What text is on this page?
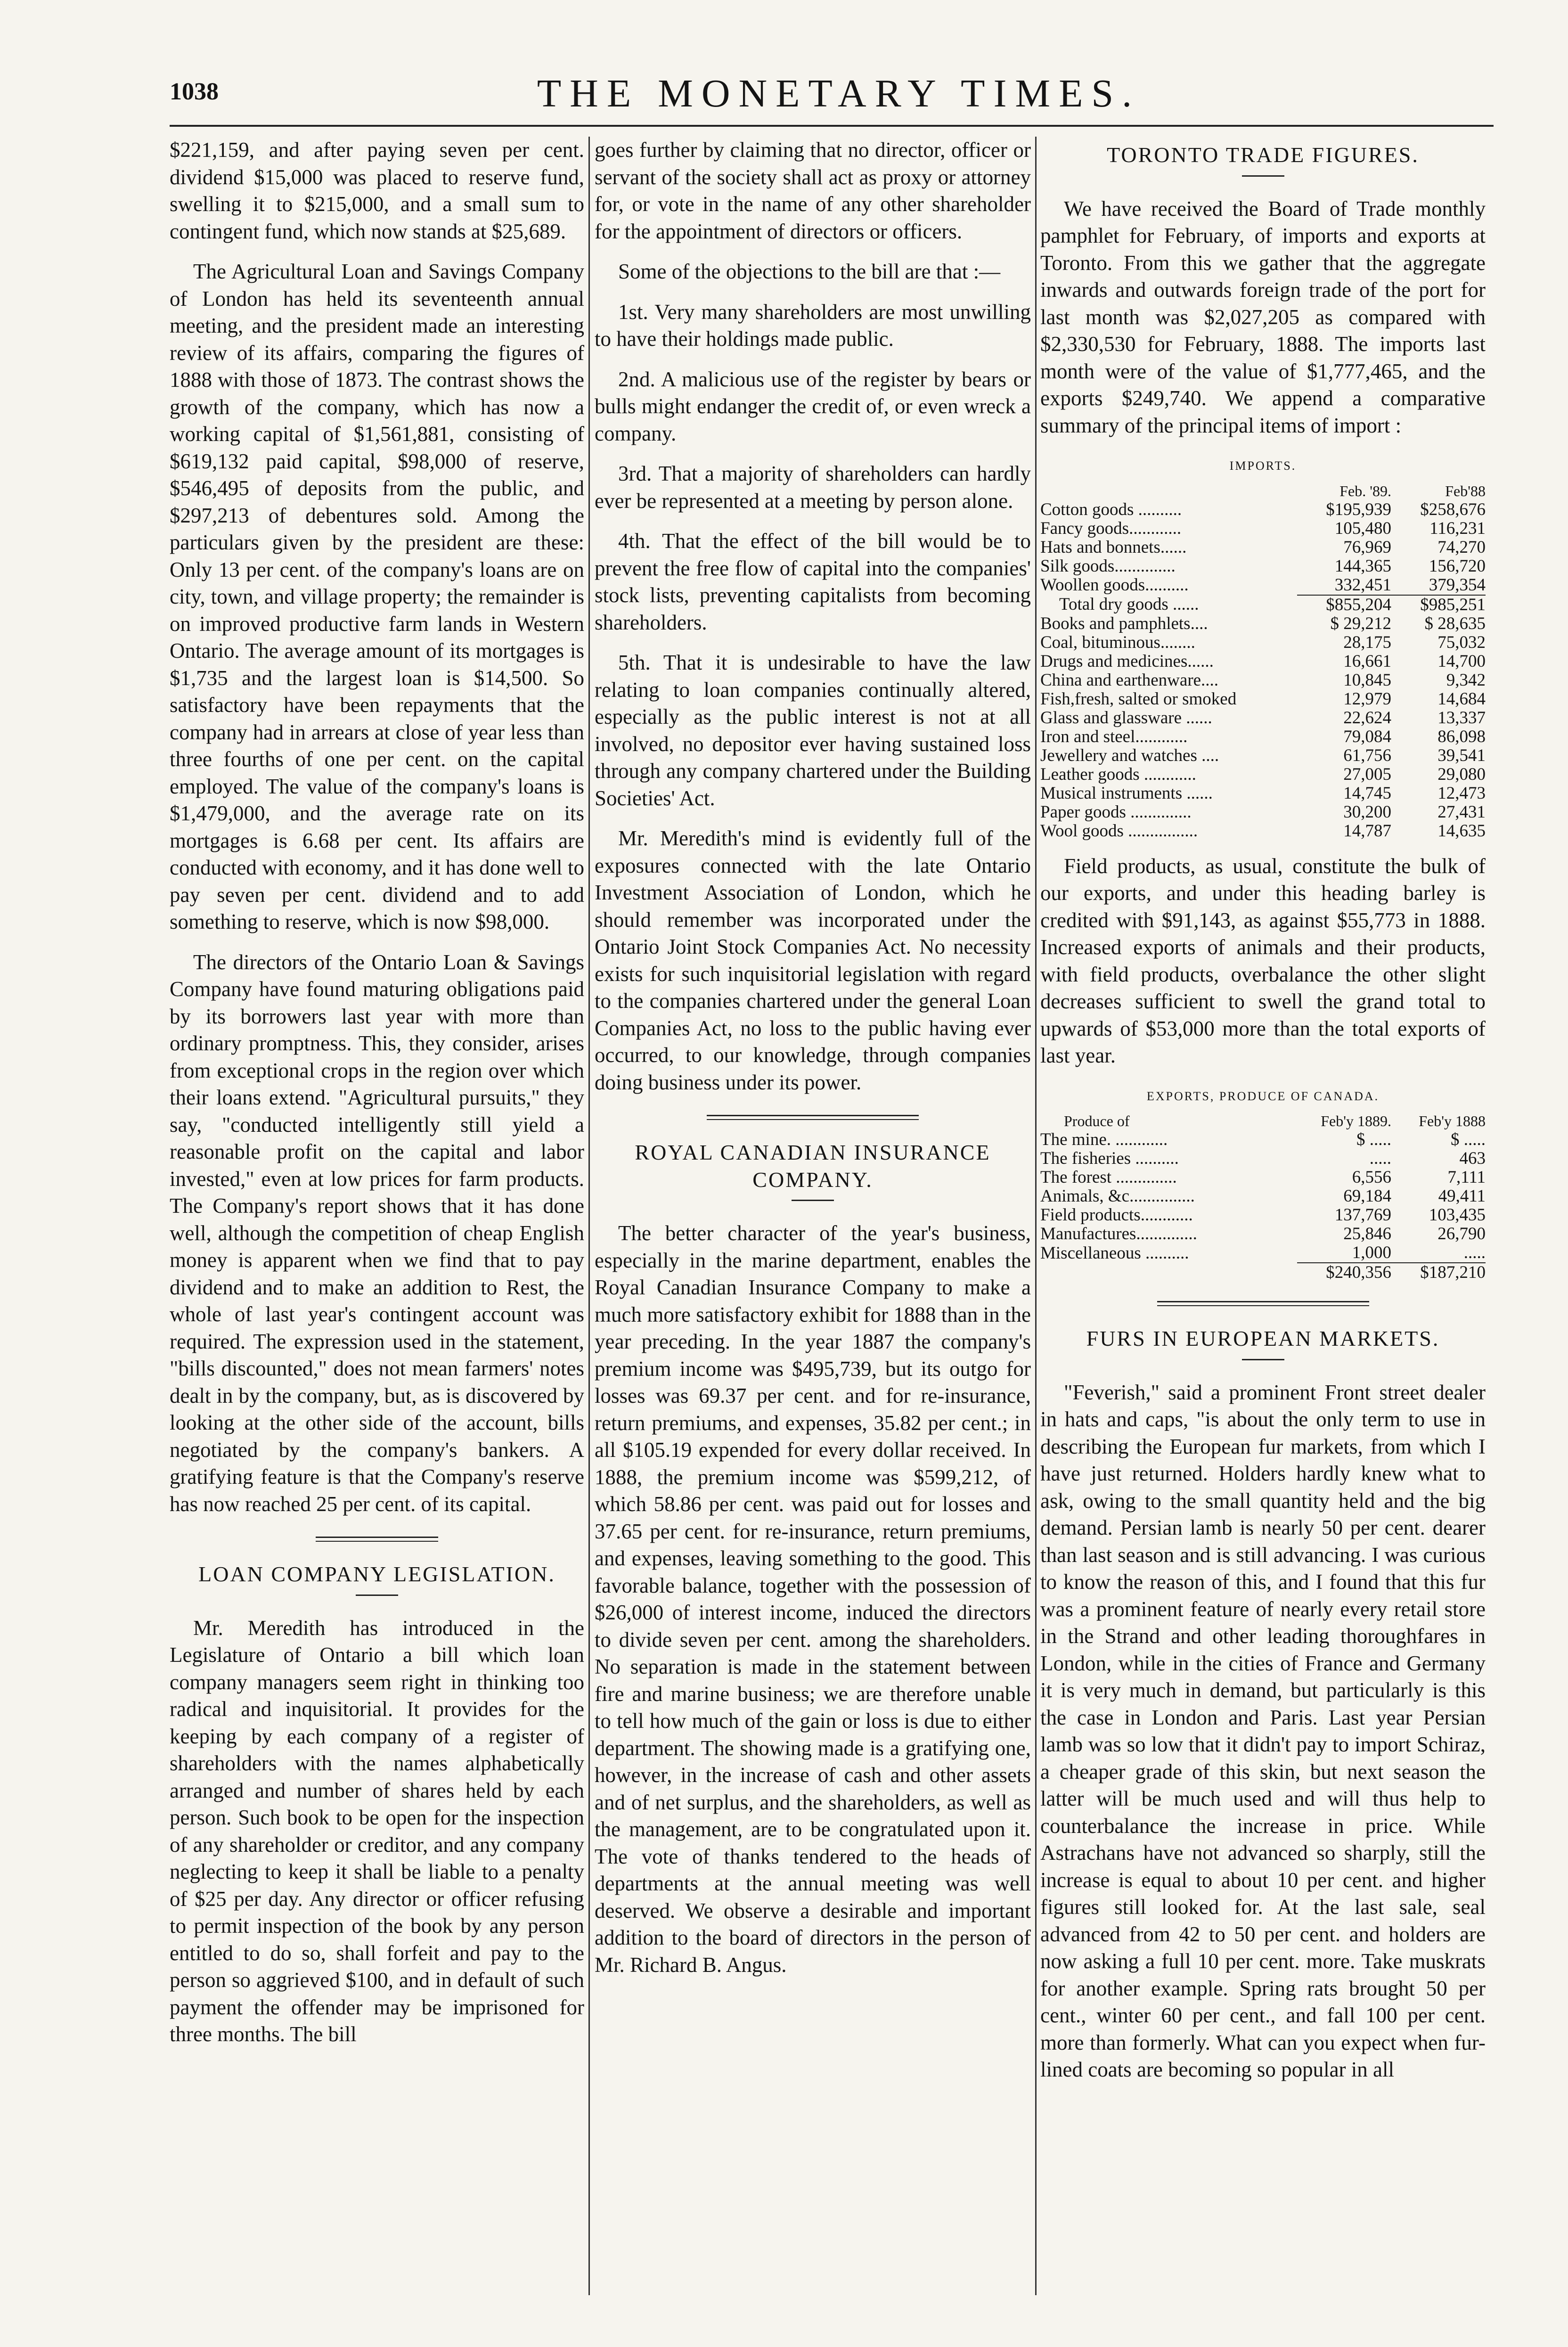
1038	THE MONETARY TIMES.

$221,159, and after paying seven per cent. dividend $15,000 was placed to reserve fund, swelling it to $215,000, and a small sum to contingent fund, which now stands at $25,689.

The Agricultural Loan and Savings Company of London has held its seventeenth annual meeting, and the president made an interesting review of its affairs, comparing the figures of 1888 with those of 1873. The contrast shows the growth of the company, which has now a working capital of $1,561,881, consisting of $619,132 paid capital, $98,000 of reserve, $546,495 of deposits from the public, and $297,213 of debentures sold. Among the particulars given by the president are these: Only 13 per cent. of the company's loans are on city, town, and village property; the remainder is on improved productive farm lands in Western Ontario. The average amount of its mortgages is $1,735 and the largest loan is $14,500. So satisfactory have been repayments that the company had in arrears at close of year less than three fourths of one per cent. on the capital employed. The value of the company's loans is $1,479,000, and the average rate on its mortgages is 6.68 per cent. Its affairs are conducted with economy, and it has done well to pay seven per cent. dividend and to add something to reserve, which is now $98,000.

The directors of the Ontario Loan & Savings Company have found maturing obligations paid by its borrowers last year with more than ordinary promptness. This, they consider, arises from exceptional crops in the region over which their loans extend. "Agricultural pursuits," they say, "conducted intelligently still yield a reasonable profit on the capital and labor invested," even at low prices for farm products. The Company's report shows that it has done well, although the competition of cheap English money is apparent when we find that to pay dividend and to make an addition to Rest, the whole of last year's contingent account was required. The expression used in the statement, "bills discounted," does not mean farmers' notes dealt in by the company, but, as is discovered by looking at the other side of the account, bills negotiated by the company's bankers. A gratifying feature is that the Company's reserve has now reached 25 per cent. of its capital.

LOAN COMPANY LEGISLATION.

Mr. Meredith has introduced in the Legislature of Ontario a bill which loan company managers seem right in thinking too radical and inquisitorial. It provides for the keeping by each company of a register of shareholders with the names alphabetically arranged and number of shares held by each person. Such book to be open for the inspection of any shareholder or creditor, and any company neglecting to keep it shall be liable to a penalty of $25 per day. Any director or officer refusing to permit inspection of the book by any person entitled to do so, shall forfeit and pay to the person so aggrieved $100, and in default of such payment the offender may be imprisoned for three months. The bill

goes further by claiming that no director, officer or servant of the society shall act as proxy or attorney for, or vote in the name of any other shareholder for the appointment of directors or officers.

Some of the objections to the bill are that :—

1st. Very many shareholders are most unwilling to have their holdings made public.

2nd. A malicious use of the register by bears or bulls might endanger the credit of, or even wreck a company.

3rd. That a majority of shareholders can hardly ever be represented at a meeting by person alone.

4th. That the effect of the bill would be to prevent the free flow of capital into the companies' stock lists, preventing capitalists from becoming shareholders.

5th. That it is undesirable to have the law relating to loan companies continually altered, especially as the public interest is not at all involved, no depositor ever having sustained loss through any company chartered under the Building Societies' Act.

Mr. Meredith's mind is evidently full of the exposures connected with the late Ontario Investment Association of London, which he should remember was incorporated under the Ontario Joint Stock Companies Act. No necessity exists for such inquisitorial legislation with regard to the companies chartered under the general Loan Companies Act, no loss to the public having ever occurred, to our knowledge, through companies doing business under its power.

ROYAL CANADIAN INSURANCE COMPANY.

The better character of the year's business, especially in the marine department, enables the Royal Canadian Insurance Company to make a much more satisfactory exhibit for 1888 than in the year preceding. In the year 1887 the company's premium income was $495,739, but its outgo for losses was 69.37 per cent. and for re-insurance, return premiums, and expenses, 35.82 per cent.; in all $105.19 expended for every dollar received. In 1888, the premium income was $599,212, of which 58.86 per cent. was paid out for losses and 37.65 per cent. for re-insurance, return premiums, and expenses, leaving something to the good. This favorable balance, together with the possession of $26,000 of interest income, induced the directors to divide seven per cent. among the shareholders. No separation is made in the statement between fire and marine business; we are therefore unable to tell how much of the gain or loss is due to either department. The showing made is a gratifying one, however, in the increase of cash and other assets and of net surplus, and the shareholders, as well as the management, are to be congratulated upon it. The vote of thanks tendered to the heads of departments at the annual meeting was well deserved. We observe a desirable and important addition to the board of directors in the person of Mr. Richard B. Angus.

TORONTO TRADE FIGURES.

We have received the Board of Trade monthly pamphlet for February, of imports and exports at Toronto. From this we gather that the aggregate inwards and outwards foreign trade of the port for last month was $2,027,205 as compared with $2,330,530 for February, 1888. The imports last month were of the value of $1,777,465, and the exports $249,740. We append a comparative summary of the principal items of import :

IMPORTS.
	Feb. '89.	Feb'88
Cotton goods ..........	$195,939	$258,676
Fancy goods............	105,480	116,231
Hats and bonnets......	76,969	74,270
Silk goods..............	144,365	156,720
Woollen goods..........	332,451	379,354
Total dry goods ......	$855,204	$985,251
Books and pamphlets....	$ 29,212	$ 28,635
Coal, bituminous........	28,175	75,032
Drugs and medicines......	16,661	14,700
China and earthenware....	10,845	9,342
Fish,fresh, salted or smoked	12,979	14,684
Glass and glassware ......	22,624	13,337
Iron and steel............	79,084	86,098
Jewellery and watches ....	61,756	39,541
Leather goods ............	27,005	29,080
Musical instruments ......	14,745	12,473
Paper goods ..............	30,200	27,431
Wool goods ................	14,787	14,635

Field products, as usual, constitute the bulk of our exports, and under this heading barley is credited with $91,143, as against $55,773 in 1888. Increased exports of animals and their products, with field products, overbalance the other slight decreases sufficient to swell the grand total to upwards of $53,000 more than the total exports of last year.

EXPORTS, PRODUCE OF CANADA.
Produce of	Feb'y 1889.	Feb'y 1888
The mine. ............	$ .....	$ .....
The fisheries ..........	.....	463
The forest ..............	6,556	7,111
Animals, &c...............	69,184	49,411
Field products............	137,769	103,435
Manufactures..............	25,846	26,790
Miscellaneous ..........	1,000	.....
	$240,356	$187,210
FURS IN EUROPEAN MARKETS.

"Feverish," said a prominent Front street dealer in hats and caps, "is about the only term to use in describing the European fur markets, from which I have just returned. Holders hardly knew what to ask, owing to the small quantity held and the big demand. Persian lamb is nearly 50 per cent. dearer than last season and is still advancing. I was curious to know the reason of this, and I found that this fur was a prominent feature of nearly every retail store in the Strand and other leading thoroughfares in London, while in the cities of France and Germany it is very much in demand, but particularly is this the case in London and Paris. Last year Persian lamb was so low that it didn't pay to import Schiraz, a cheaper grade of this skin, but next season the latter will be much used and will thus help to counterbalance the increase in price. While Astrachans have not advanced so sharply, still the increase is equal to about 10 per cent. and higher figures still looked for. At the last sale, seal advanced from 42 to 50 per cent. and holders are now asking a full 10 per cent. more. Take muskrats for another example. Spring rats brought 50 per cent., winter 60 per cent., and fall 100 per cent. more than formerly. What can you expect when fur-lined coats are becoming so popular in all
